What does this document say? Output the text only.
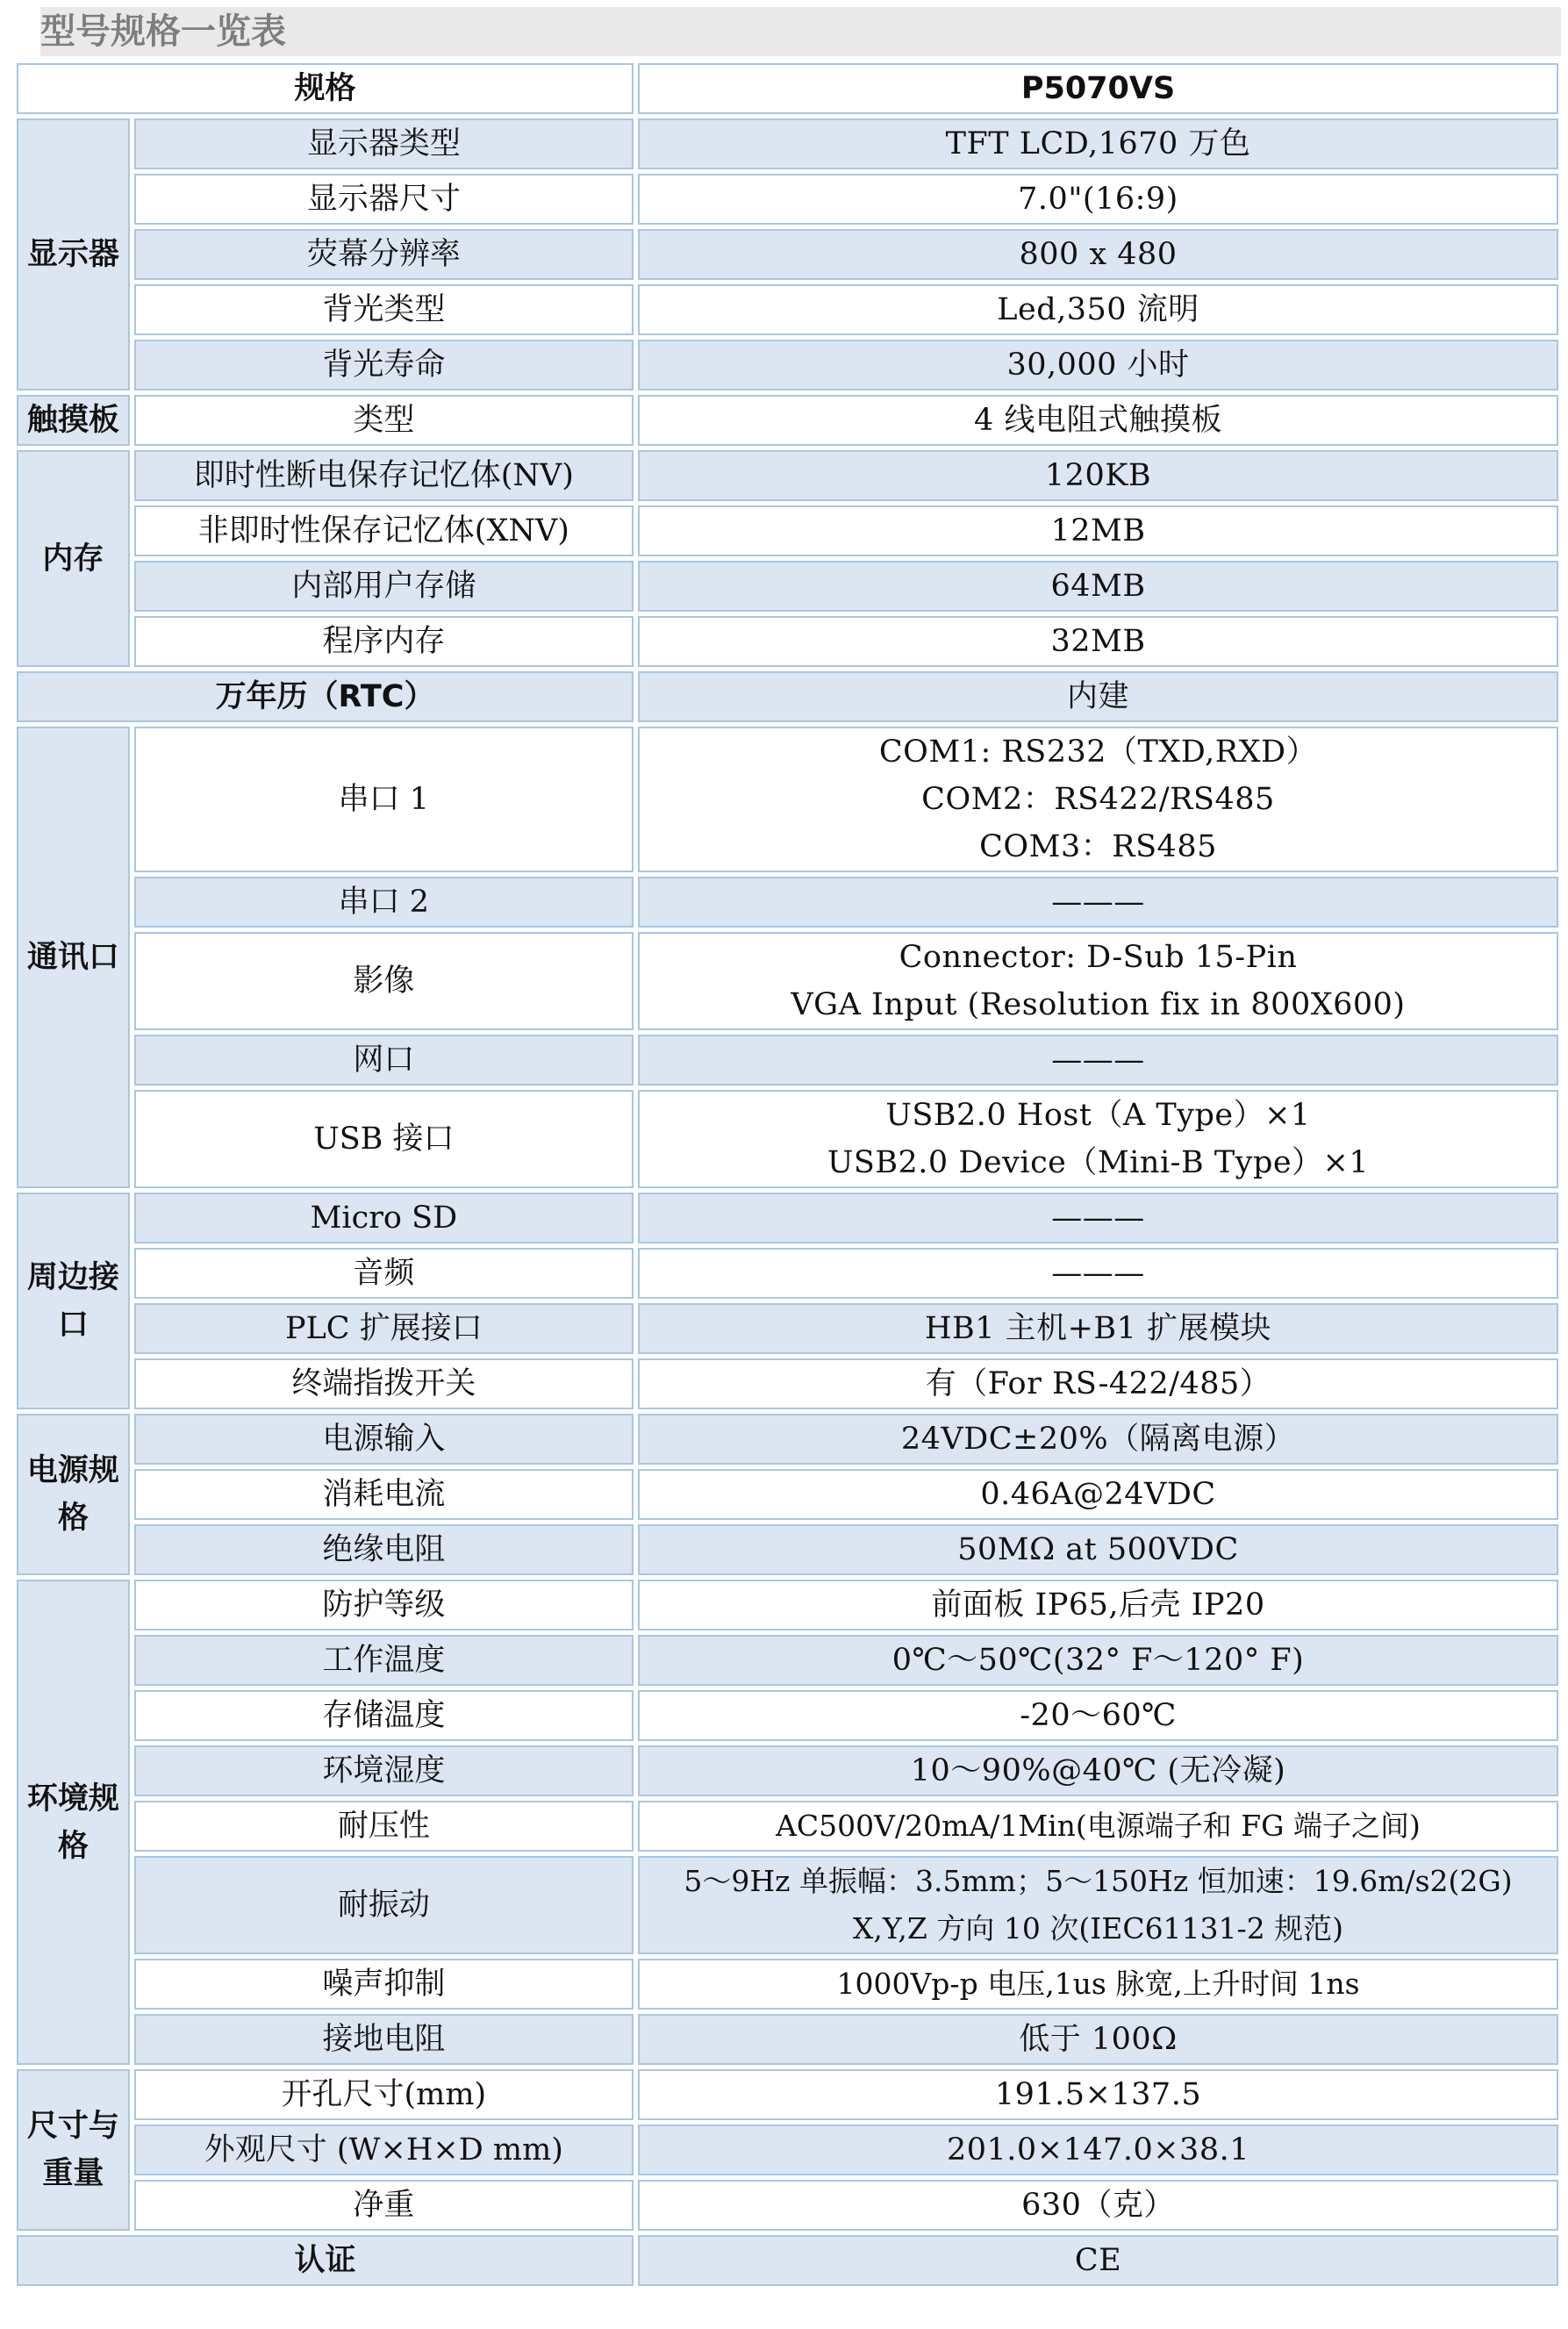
型号规格一览表
规格		P5070VS
显示器	显示器类型	TFT LCD,1670 万色
	显示器尺寸	7.0"(16:9)
	荧幕分辨率	800 x 480
	背光类型	Led,350 流明
	背光寿命	30,000 小时
触摸板	类型	4 线电阻式触摸板
内存	即时性断电保存记忆体(NV)	120KB
	非即时性保存记忆体(XNV)	12MB
	内部用户存储	64MB
	程序内存	32MB
万年历（RTC）		内建
通讯口	串口 1	COM1: RS232（TXD,RXD）
COM2：RS422/RS485
COM3：RS485

	串口 2	———
	影像	Connector: D-Sub 15-Pin
VGA Input (Resolution fix in 800X600)

	网口	———
	USB 接口	USB2.0 Host（A Type）×1
USB2.0 Device（Mini-B Type）×1

周边接口	Micro SD	———
	音频	———
	PLC 扩展接口	HB1 主机+B1 扩展模块
	终端指拨开关	有（For RS-422/485）
电源规格	电源输入	24VDC±20%（隔离电源）
	消耗电流	0.46A@24VDC
	绝缘电阻	50MΩ at 500VDC
环境规格	防护等级	前面板 IP65,后壳 IP20
	工作温度	0℃～50℃(32° F～120° F)
	存储温度	-20～60℃
	环境湿度	10～90%@40℃ (无冷凝)
	耐压性	AC500V/20mA/1Min(电源端子和 FG 端子之间)
	耐振动	5～9Hz 单振幅：3.5mm；5～150Hz 恒加速：19.6m/s2(2G)
X,Y,Z 方向 10 次(IEC61131-2 规范)

	噪声抑制	1000Vp-p 电压,1us 脉宽,上升时间 1ns
	接地电阻	低于 100Ω
尺寸与重量	开孔尺寸(mm)	191.5×137.5
	外观尺寸 (W×H×D mm)	201.0×147.0×38.1
	净重	630（克）
认证		CE
